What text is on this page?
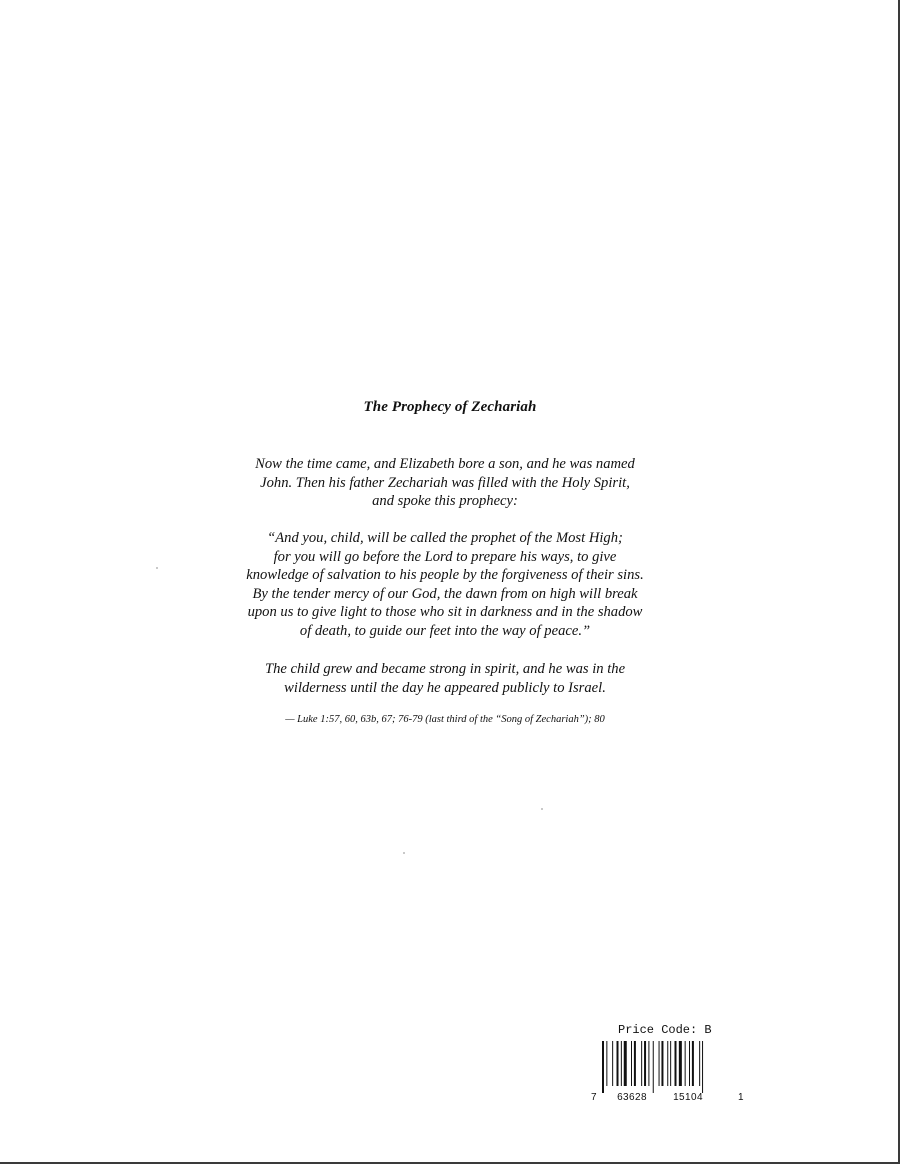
The Prophecy of Zechariah
Now the time came, and Elizabeth bore a son, and he was named
John. Then his father Zechariah was filled with the Holy Spirit,
and spoke this prophecy:
“And you, child, will be called the prophet of the Most High;
for you will go before the Lord to prepare his ways, to give
knowledge of salvation to his people by the forgiveness of their sins.
By the tender mercy of our God, the dawn from on high will break
upon us to give light to those who sit in darkness and in the shadow
of death, to guide our feet into the way of peace.”
The child grew and became strong in spirit, and he was in the
wilderness until the day he appeared publicly to Israel.
— Luke 1:57, 60, 63b, 67; 76-79 (last third of the “Song of Zechariah”); 80
Price Code: B
7 63628	15104	1
